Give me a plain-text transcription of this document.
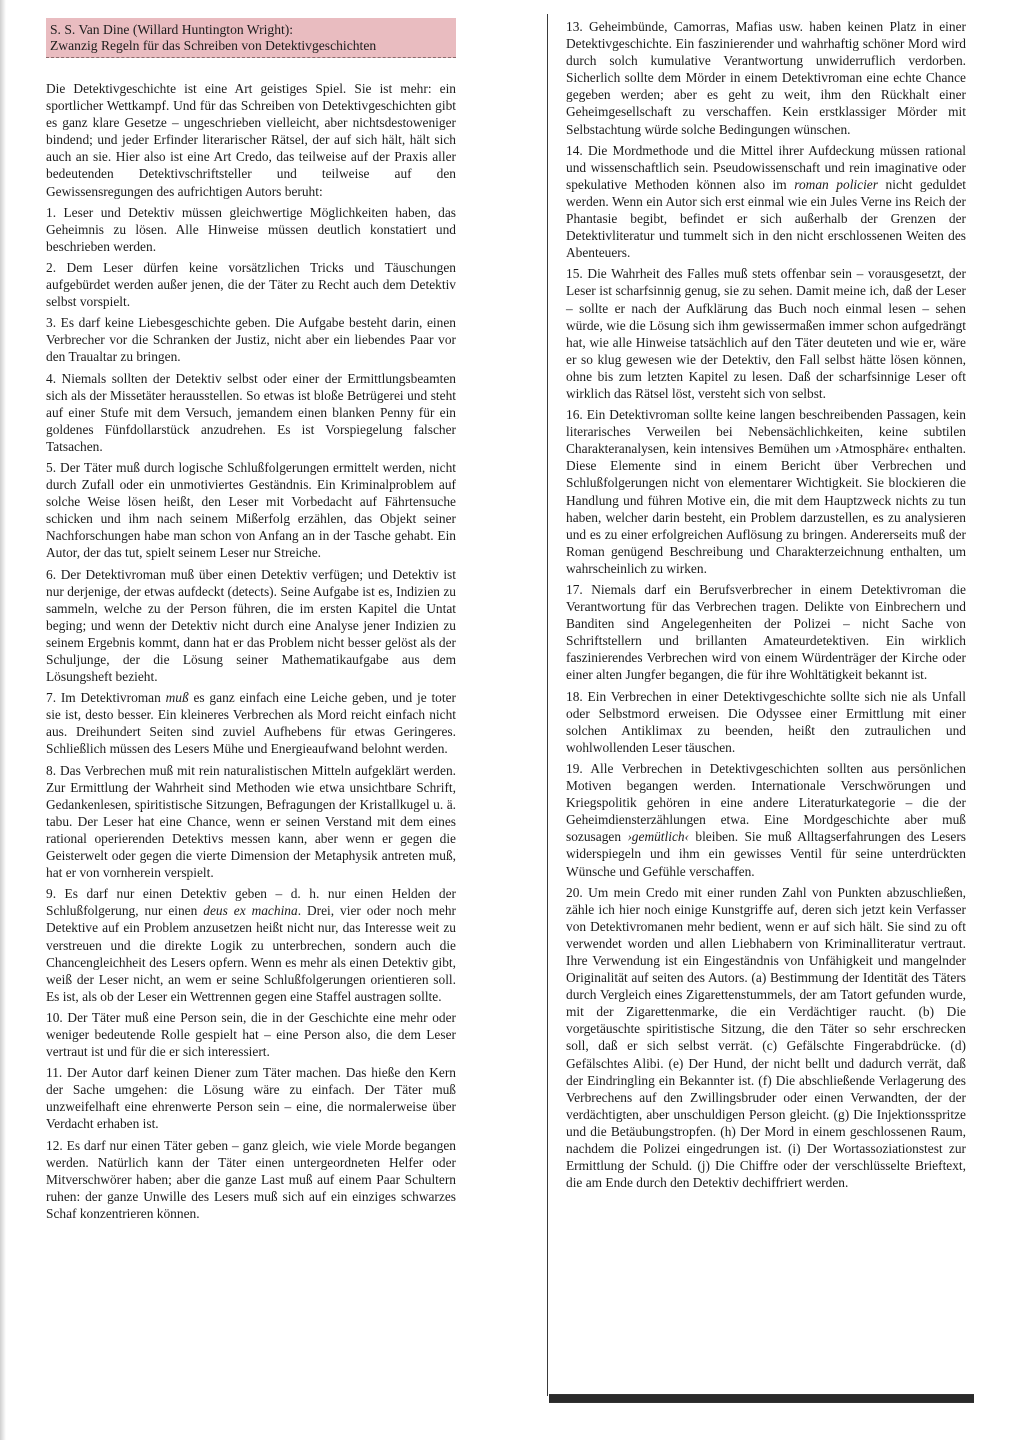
S. S. Van Dine (Willard Huntington Wright):
Zwanzig Regeln für das Schreiben von Detektivgeschichten

Die Detektivgeschichte ist eine Art geistiges Spiel. Sie ist mehr: ein sportlicher Wettkampf. Und für das Schreiben von Detektivgeschichten gibt es ganz klare Gesetze – ungeschrieben vielleicht, aber nichtsdestoweniger bindend; und jeder Erfinder literarischer Rätsel, der auf sich hält, hält sich auch an sie. Hier also ist eine Art Credo, das teilweise auf der Praxis aller bedeutenden Detektivschriftsteller und teilweise auf den Gewissensregungen des aufrichtigen Autors beruht:

1. Leser und Detektiv müssen gleichwertige Möglichkeiten haben, das Geheimnis zu lösen. Alle Hinweise müssen deutlich konstatiert und beschrieben werden.

2. Dem Leser dürfen keine vorsätzlichen Tricks und Täuschungen aufgebürdet werden außer jenen, die der Täter zu Recht auch dem Detektiv selbst vorspielt.

3. Es darf keine Liebesgeschichte geben. Die Aufgabe besteht darin, einen Verbrecher vor die Schranken der Justiz, nicht aber ein liebendes Paar vor den Traualtar zu bringen.

4. Niemals sollten der Detektiv selbst oder einer der Ermittlungsbeamten sich als der Missetäter herausstellen. So etwas ist bloße Betrügerei und steht auf einer Stufe mit dem Versuch, jemandem einen blanken Penny für ein goldenes Fünfdollarstück anzudrehen. Es ist Vorspiegelung falscher Tatsachen.

5. Der Täter muß durch logische Schlußfolgerungen ermittelt werden, nicht durch Zufall oder ein unmotiviertes Geständnis. Ein Kriminalproblem auf solche Weise lösen heißt, den Leser mit Vorbedacht auf Fährtensuche schicken und ihm nach seinem Mißerfolg erzählen, das Objekt seiner Nachforschungen habe man schon von Anfang an in der Tasche gehabt. Ein Autor, der das tut, spielt seinem Leser nur Streiche.

6. Der Detektivroman muß über einen Detektiv verfügen; und Detektiv ist nur derjenige, der etwas aufdeckt (detects). Seine Aufgabe ist es, Indizien zu sammeln, welche zu der Person führen, die im ersten Kapitel die Untat beging; und wenn der Detektiv nicht durch eine Analyse jener Indizien zu seinem Ergebnis kommt, dann hat er das Problem nicht besser gelöst als der Schuljunge, der die Lösung seiner Mathematikaufgabe aus dem Lösungsheft bezieht.

7. Im Detektivroman muß es ganz einfach eine Leiche geben, und je toter sie ist, desto besser. Ein kleineres Verbrechen als Mord reicht einfach nicht aus. Dreihundert Seiten sind zuviel Aufhebens für etwas Geringeres. Schließlich müssen des Lesers Mühe und Energieaufwand belohnt werden.

8. Das Verbrechen muß mit rein naturalistischen Mitteln aufgeklärt werden. Zur Ermittlung der Wahrheit sind Methoden wie etwa unsichtbare Schrift, Gedankenlesen, spiritistische Sitzungen, Befragungen der Kristallkugel u. ä. tabu. Der Leser hat eine Chance, wenn er seinen Verstand mit dem eines rational operierenden Detektivs messen kann, aber wenn er gegen die Geisterwelt oder gegen die vierte Dimension der Metaphysik antreten muß, hat er von vornherein verspielt.

9. Es darf nur einen Detektiv geben – d. h. nur einen Helden der Schlußfolgerung, nur einen deus ex machina. Drei, vier oder noch mehr Detektive auf ein Problem anzusetzen heißt nicht nur, das Interesse weit zu verstreuen und die direkte Logik zu unterbrechen, sondern auch die Chancengleichheit des Lesers opfern. Wenn es mehr als einen Detektiv gibt, weiß der Leser nicht, an wem er seine Schlußfolgerungen orientieren soll. Es ist, als ob der Leser ein Wettrennen gegen eine Staffel austragen sollte.

10. Der Täter muß eine Person sein, die in der Geschichte eine mehr oder weniger bedeutende Rolle gespielt hat – eine Person also, die dem Leser vertraut ist und für die er sich interessiert.

11. Der Autor darf keinen Diener zum Täter machen. Das hieße den Kern der Sache umgehen: die Lösung wäre zu einfach. Der Täter muß unzweifelhaft eine ehrenwerte Person sein – eine, die normalerweise über Verdacht erhaben ist.

12. Es darf nur einen Täter geben – ganz gleich, wie viele Morde begangen werden. Natürlich kann der Täter einen untergeordneten Helfer oder Mitverschwörer haben; aber die ganze Last muß auf einem Paar Schultern ruhen: der ganze Unwille des Lesers muß sich auf ein einziges schwarzes Schaf konzentrieren können.

13. Geheimbünde, Camorras, Mafias usw. haben keinen Platz in einer Detektivgeschichte. Ein faszinierender und wahrhaftig schöner Mord wird durch solch kumulative Verantwortung unwiderruflich verdorben. Sicherlich sollte dem Mörder in einem Detektivroman eine echte Chance gegeben werden; aber es geht zu weit, ihm den Rückhalt einer Geheimgesellschaft zu verschaffen. Kein erstklassiger Mörder mit Selbstachtung würde solche Bedingungen wünschen.

14. Die Mordmethode und die Mittel ihrer Aufdeckung müssen rational und wissenschaftlich sein. Pseudowissenschaft und rein imaginative oder spekulative Methoden können also im roman policier nicht geduldet werden. Wenn ein Autor sich erst einmal wie ein Jules Verne ins Reich der Phantasie begibt, befindet er sich außerhalb der Grenzen der Detektivliteratur und tummelt sich in den nicht erschlossenen Weiten des Abenteuers.

15. Die Wahrheit des Falles muß stets offenbar sein – vorausgesetzt, der Leser ist scharfsinnig genug, sie zu sehen. Damit meine ich, daß der Leser – sollte er nach der Aufklärung das Buch noch einmal lesen – sehen würde, wie die Lösung sich ihm gewissermaßen immer schon aufgedrängt hat, wie alle Hinweise tatsächlich auf den Täter deuteten und wie er, wäre er so klug gewesen wie der Detektiv, den Fall selbst hätte lösen können, ohne bis zum letzten Kapitel zu lesen. Daß der scharfsinnige Leser oft wirklich das Rätsel löst, versteht sich von selbst.

16. Ein Detektivroman sollte keine langen beschreibenden Passagen, kein literarisches Verweilen bei Nebensächlichkeiten, keine subtilen Charakteranalysen, kein intensives Bemühen um ›Atmosphäre‹ enthalten. Diese Elemente sind in einem Bericht über Verbrechen und Schlußfolgerungen nicht von elementarer Wichtigkeit. Sie blockieren die Handlung und führen Motive ein, die mit dem Hauptzweck nichts zu tun haben, welcher darin besteht, ein Problem darzustellen, es zu analysieren und es zu einer erfolgreichen Auflösung zu bringen. Andererseits muß der Roman genügend Beschreibung und Charakterzeichnung enthalten, um wahrscheinlich zu wirken.

17. Niemals darf ein Berufsverbrecher in einem Detektivroman die Verantwortung für das Verbrechen tragen. Delikte von Einbrechern und Banditen sind Angelegenheiten der Polizei – nicht Sache von Schriftstellern und brillanten Amateurdetektiven. Ein wirklich faszinierendes Verbrechen wird von einem Würdenträger der Kirche oder einer alten Jungfer begangen, die für ihre Wohltätigkeit bekannt ist.

18. Ein Verbrechen in einer Detektivgeschichte sollte sich nie als Unfall oder Selbstmord erweisen. Die Odyssee einer Ermittlung mit einer solchen Antiklimax zu beenden, heißt den zutraulichen und wohlwollenden Leser täuschen.

19. Alle Verbrechen in Detektivgeschichten sollten aus persönlichen Motiven begangen werden. Internationale Verschwörungen und Kriegspolitik gehören in eine andere Literaturkategorie – die der Geheimdiensterzählungen etwa. Eine Mordgeschichte aber muß sozusagen ›gemütlich‹ bleiben. Sie muß Alltagserfahrungen des Lesers widerspiegeln und ihm ein gewisses Ventil für seine unterdrückten Wünsche und Gefühle verschaffen.

20. Um mein Credo mit einer runden Zahl von Punkten abzuschließen, zähle ich hier noch einige Kunstgriffe auf, deren sich jetzt kein Verfasser von Detektivromanen mehr bedient, wenn er auf sich hält. Sie sind zu oft verwendet worden und allen Liebhabern von Kriminalliteratur vertraut. Ihre Verwendung ist ein Eingeständnis von Unfähigkeit und mangelnder Originalität auf seiten des Autors. (a) Bestimmung der Identität des Täters durch Vergleich eines Zigarettenstummels, der am Tatort gefunden wurde, mit der Zigarettenmarke, die ein Verdächtiger raucht. (b) Die vorgetäuschte spiritistische Sitzung, die den Täter so sehr erschrecken soll, daß er sich selbst verrät. (c) Gefälschte Fingerabdrücke. (d) Gefälschtes Alibi. (e) Der Hund, der nicht bellt und dadurch verrät, daß der Eindringling ein Bekannter ist. (f) Die abschließende Verlagerung des Verbrechens auf den Zwillingsbruder oder einen Verwandten, der der verdächtigten, aber unschuldigen Person gleicht. (g) Die Injektionsspritze und die Betäubungstropfen. (h) Der Mord in einem geschlossenen Raum, nachdem die Polizei eingedrungen ist. (i) Der Wortassoziationstest zur Ermittlung der Schuld. (j) Die Chiffre oder der verschlüsselte Brieftext, die am Ende durch den Detektiv dechiffriert werden.
